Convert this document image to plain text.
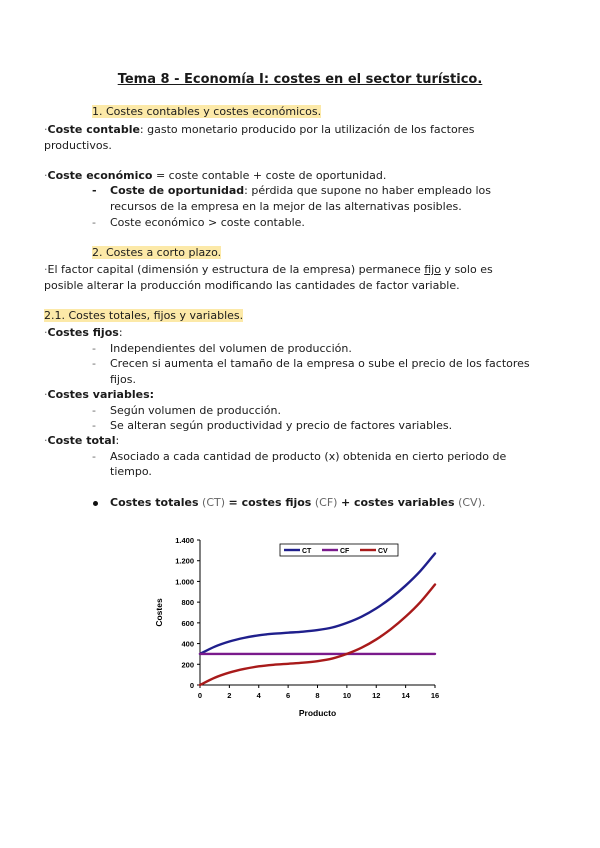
Tema 8 - Economía I: costes en el sector turístico.
1. Costes contables y costes económicos.
·Coste contable: gasto monetario producido por la utilización de los factores
productivos.
·Coste económico = coste contable + coste de oportunidad.
- Coste de oportunidad: pérdida que supone no haber empleado los
recursos de la empresa en la mejor de las alternativas posibles.
- Coste económico > coste contable.
2. Costes a corto plazo.
·El factor capital (dimensión y estructura de la empresa) permanece fijo y solo es
posible alterar la producción modificando las cantidades de factor variable.
2.1. Costes totales, fijos y variables.
·Costes fijos:
- Independientes del volumen de producción.
- Crecen si aumenta el tamaño de la empresa o sube el precio de los factores
fijos.
·Costes variables:
- Según volumen de producción.
- Se alteran según productividad y precio de factores variables.
·Coste total:
- Asociado a cada cantidad de producto (x) obtenida en cierto periodo de
tiempo.
Costes totales (CT) = costes fijos (CF) + costes variables (CV).
0
200
400
600
800
1.000
1.200
1.400
0	2	4	6	8	10	12	14	16
Producto
Costes
CT	CF	CV
